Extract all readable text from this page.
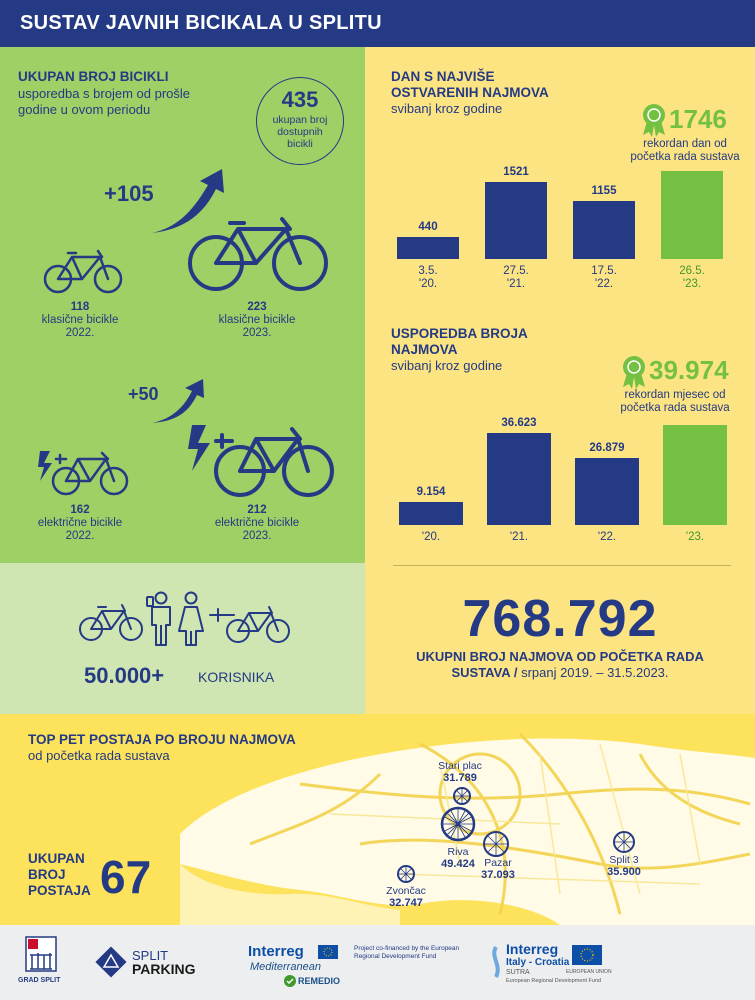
SUSTAV JAVNIH BICIKALA U SPLITU
UKUPAN BROJ BICIKLI
usporedba s brojem od prošle
godine u ovom periodu	435
ukupan broj
dostupnih
bicikli
+105
118
klasične bicikle
2022.
223
klasične bicikle
2023.
+50
162
električne bicikle
2022.
212
električne bicikle
2023.
50.000+ KORISNIKA
DAN S NAJVIŠE
OSTVARENIH NAJMOVA
svibanj kroz godine	1746
rekordan dan od
početka rada sustava
440
3.5.
'20.
1521
27.5.
'21.
1155
17.5.
'22.
26.5.
'23.
USPOREDBA BROJA
NAJMOVA
svibanj kroz godine	39.974
rekordan mjesec od
početka rada sustava
9.154
'20.
36.623
'21.
26.879
'22.	'23.
768.792
UKUPNI BROJ NAJMOVA OD POČETKA RADA
SUSTAVA / srpanj 2019. – 31.5.2023.
TOP PET POSTAJA PO BROJU NAJMOVA
od početka rada sustava
UKUPAN
BROJ
POSTAJA 67
Stari plac
31.789
Riva
49.424 Pazar
37.093
Split 3
35.900
Zvončac
32.747
GRAD SPLIT
SPLIT
PARKING
Interreg
Mediterranean
REMEDIO
Project co-financed by the European
Regional Development Fund	Interreg
Italy - Croatia
SUTRA
European Regional Development Fund
EUROPEAN UNION
